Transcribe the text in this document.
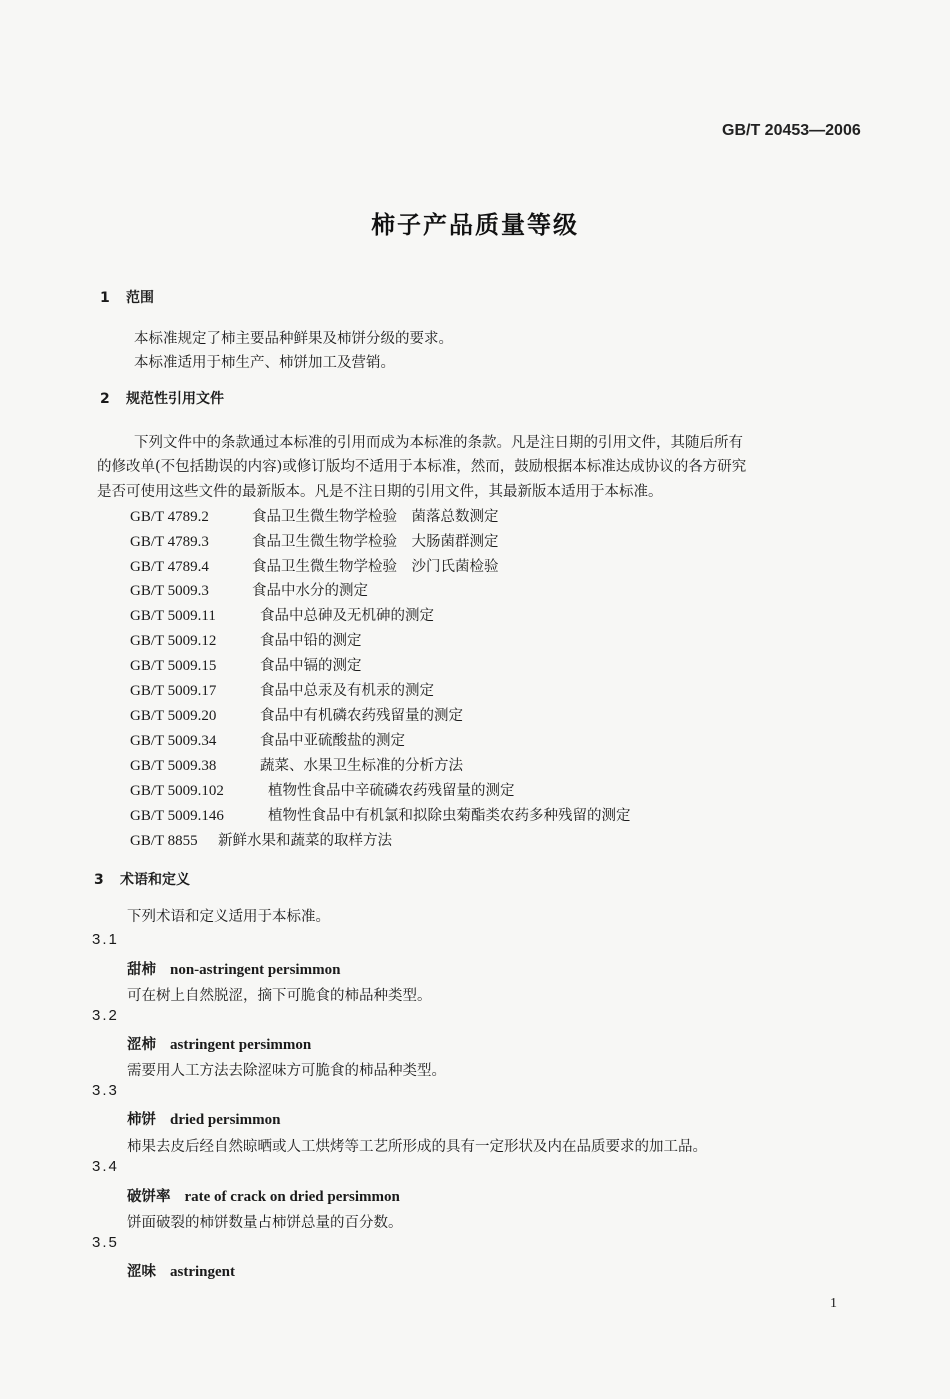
GB/T 20453—2006
柿子产品质量等级
1 范围
本标准规定了柿主要品种鲜果及柿饼分级的要求。
本标准适用于柿生产、柿饼加工及营销。
2 规范性引用文件
下列文件中的条款通过本标准的引用而成为本标准的条款。凡是注日期的引用文件，其随后所有
的修改单(不包括勘误的内容)或修订版均不适用于本标准，然而，鼓励根据本标准达成协议的各方研究
是否可使用这些文件的最新版本。凡是不注日期的引用文件，其最新版本适用于本标准。
GB/T 4789.2	食品卫生微生物学检验　菌落总数测定
GB/T 4789.3	食品卫生微生物学检验　大肠菌群测定
GB/T 4789.4	食品卫生微生物学检验　沙门氏菌检验
GB/T 5009.3	食品中水分的测定
GB/T 5009.11	食品中总砷及无机砷的测定
GB/T 5009.12	食品中铅的测定
GB/T 5009.15	食品中镉的测定
GB/T 5009.17	食品中总汞及有机汞的测定
GB/T 5009.20	食品中有机磷农药残留量的测定
GB/T 5009.34	食品中亚硫酸盐的测定
GB/T 5009.38	蔬菜、水果卫生标准的分析方法
GB/T 5009.102	植物性食品中辛硫磷农药残留量的测定
GB/T 5009.146	植物性食品中有机氯和拟除虫菊酯类农药多种残留的测定
GB/T 8855 新鲜水果和蔬菜的取样方法
3 术语和定义
下列术语和定义适用于本标准。
3.1
甜柿 non-astringent persimmon
可在树上自然脱涩，摘下可脆食的柿品种类型。
3.2
涩柿 astringent persimmon
需要用人工方法去除涩味方可脆食的柿品种类型。
3.3
柿饼 dried persimmon
柿果去皮后经自然晾晒或人工烘烤等工艺所形成的具有一定形状及内在品质要求的加工品。
3.4
破饼率 rate of crack on dried persimmon
饼面破裂的柿饼数量占柿饼总量的百分数。
3.5
涩味 astringent
1
